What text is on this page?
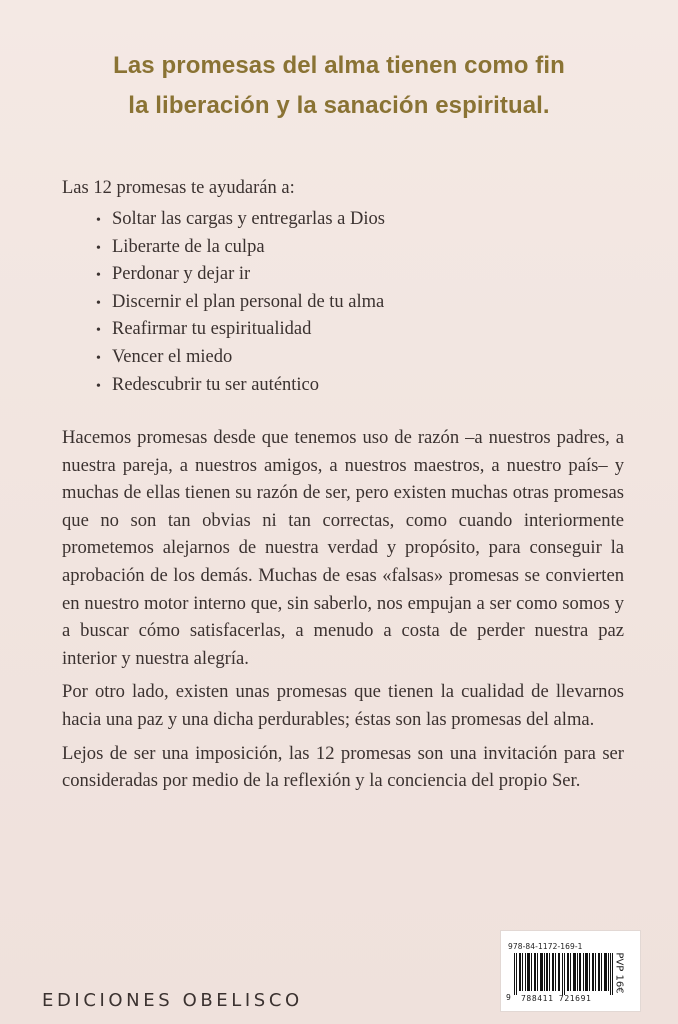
Las promesas del alma tienen como fin
la liberación y la sanación espiritual.
Las 12 promesas te ayudarán a:
• Soltar las cargas y entregarlas a Dios
• Liberarte de la culpa
• Perdonar y dejar ir
• Discernir el plan personal de tu alma
• Reafirmar tu espiritualidad
• Vencer el miedo
• Redescubrir tu ser auténtico

Hacemos promesas desde que tenemos uso de razón –a nuestros padres, a nuestra pareja, a nuestros amigos, a nuestros maestros, a nuestro país– y muchas de ellas tienen su razón de ser, pero existen muchas otras promesas que no son tan obvias ni tan correctas, como cuando interiormente prometemos alejarnos de nuestra verdad y propósito, para conseguir la aprobación de los demás. Muchas de esas «falsas» promesas se convierten en nuestro motor interno que, sin saberlo, nos empujan a ser como somos y a buscar cómo satisfacerlas, a menudo a costa de perder nuestra paz interior y nuestra alegría.

Por otro lado, existen unas promesas que tienen la cualidad de llevarnos hacia una paz y una dicha perdurables; éstas son las promesas del alma.

Lejos de ser una imposición, las 12 promesas son una invitación para ser consideradas por medio de la reflexión y la conciencia del propio Ser.

EDICIONES OBELISCO
978-84-1172-169-1
9 788411 721691
PVP 16€
